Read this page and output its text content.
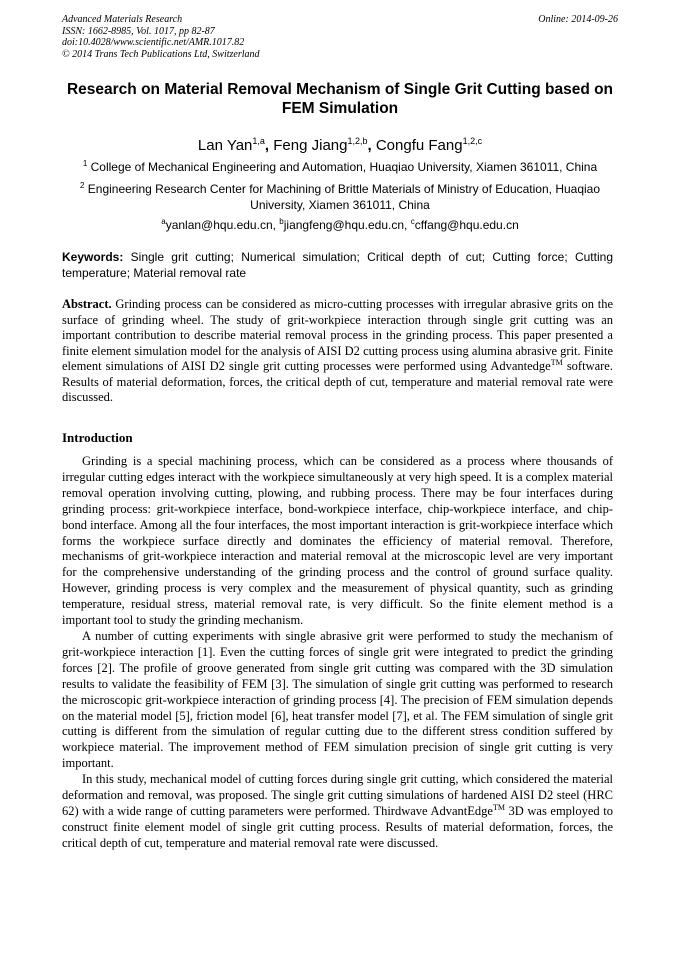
Advanced Materials Research
ISSN: 1662-8985, Vol. 1017, pp 82-87
doi:10.4028/www.scientific.net/AMR.1017.82
© 2014 Trans Tech Publications Ltd, Switzerland
Online: 2014-09-26
Research on Material Removal Mechanism of Single Grit Cutting based on FEM Simulation
Lan Yan$^{1,a}$, Feng Jiang$^{1,2,b}$, Congfu Fang$^{1,2,c}$
$^1$ College of Mechanical Engineering and Automation, Huaqiao University, Xiamen 361011, China
$^2$ Engineering Research Center for Machining of Brittle Materials of Ministry of Education, Huaqiao University, Xiamen 361011, China
$^a$yanlan@hqu.edu.cn, $^b$jiangfeng@hqu.edu.cn, $^c$cffang@hqu.edu.cn
Keywords: Single grit cutting; Numerical simulation; Critical depth of cut; Cutting force; Cutting temperature; Material removal rate
Abstract. Grinding process can be considered as micro-cutting processes with irregular abrasive grits on the surface of grinding wheel. The study of grit-workpiece interaction through single grit cutting was an important contribution to describe material removal process in the grinding process. This paper presented a finite element simulation model for the analysis of AISI D2 cutting process using alumina abrasive grit. Finite element simulations of AISI D2 single grit cutting processes were performed using Advantedge™ software. Results of material deformation, forces, the critical depth of cut, temperature and material removal rate were discussed.
Introduction

Grinding is a special machining process, which can be considered as a process where thousands of irregular cutting edges interact with the workpiece simultaneously at very high speed. It is a complex material removal operation involving cutting, plowing, and rubbing process. There may be four interfaces during grinding process: grit-workpiece interface, bond-workpiece interface, chip-workpiece interface, and chip-bond interface. Among all the four interfaces, the most important interaction is grit-workpiece interface which forms the workpiece surface directly and dominates the efficiency of material removal. Therefore, mechanisms of grit-workpiece interaction and material removal at the microscopic level are very important for the comprehensive understanding of the grinding process and the control of ground surface quality. However, grinding process is very complex and the measurement of physical quantity, such as grinding temperature, residual stress, material removal rate, is very difficult. So the finite element method is a important tool to study the grinding mechanism.

A number of cutting experiments with single abrasive grit were performed to study the mechanism of grit-workpiece interaction [1]. Even the cutting forces of single grit were integrated to predict the grinding forces [2]. The profile of groove generated from single grit cutting was compared with the 3D simulation results to validate the feasibility of FEM [3]. The simulation of single grit cutting was performed to research the microscopic grit-workpiece interaction of grinding process [4]. The precision of FEM simulation depends on the material model [5], friction model [6], heat transfer model [7], et al. The FEM simulation of single grit cutting is different from the simulation of regular cutting due to the different stress condition suffered by workpiece material. The improvement method of FEM simulation precision of single grit cutting is very important.

In this study, mechanical model of cutting forces during single grit cutting, which considered the material deformation and removal, was proposed. The single grit cutting simulations of hardened AISI D2 steel (HRC 62) with a wide range of cutting parameters were performed. Thirdwave AdvantEdge™ 3D was employed to construct finite element model of single grit cutting process. Results of material deformation, forces, the critical depth of cut, temperature and material removal rate were discussed.
